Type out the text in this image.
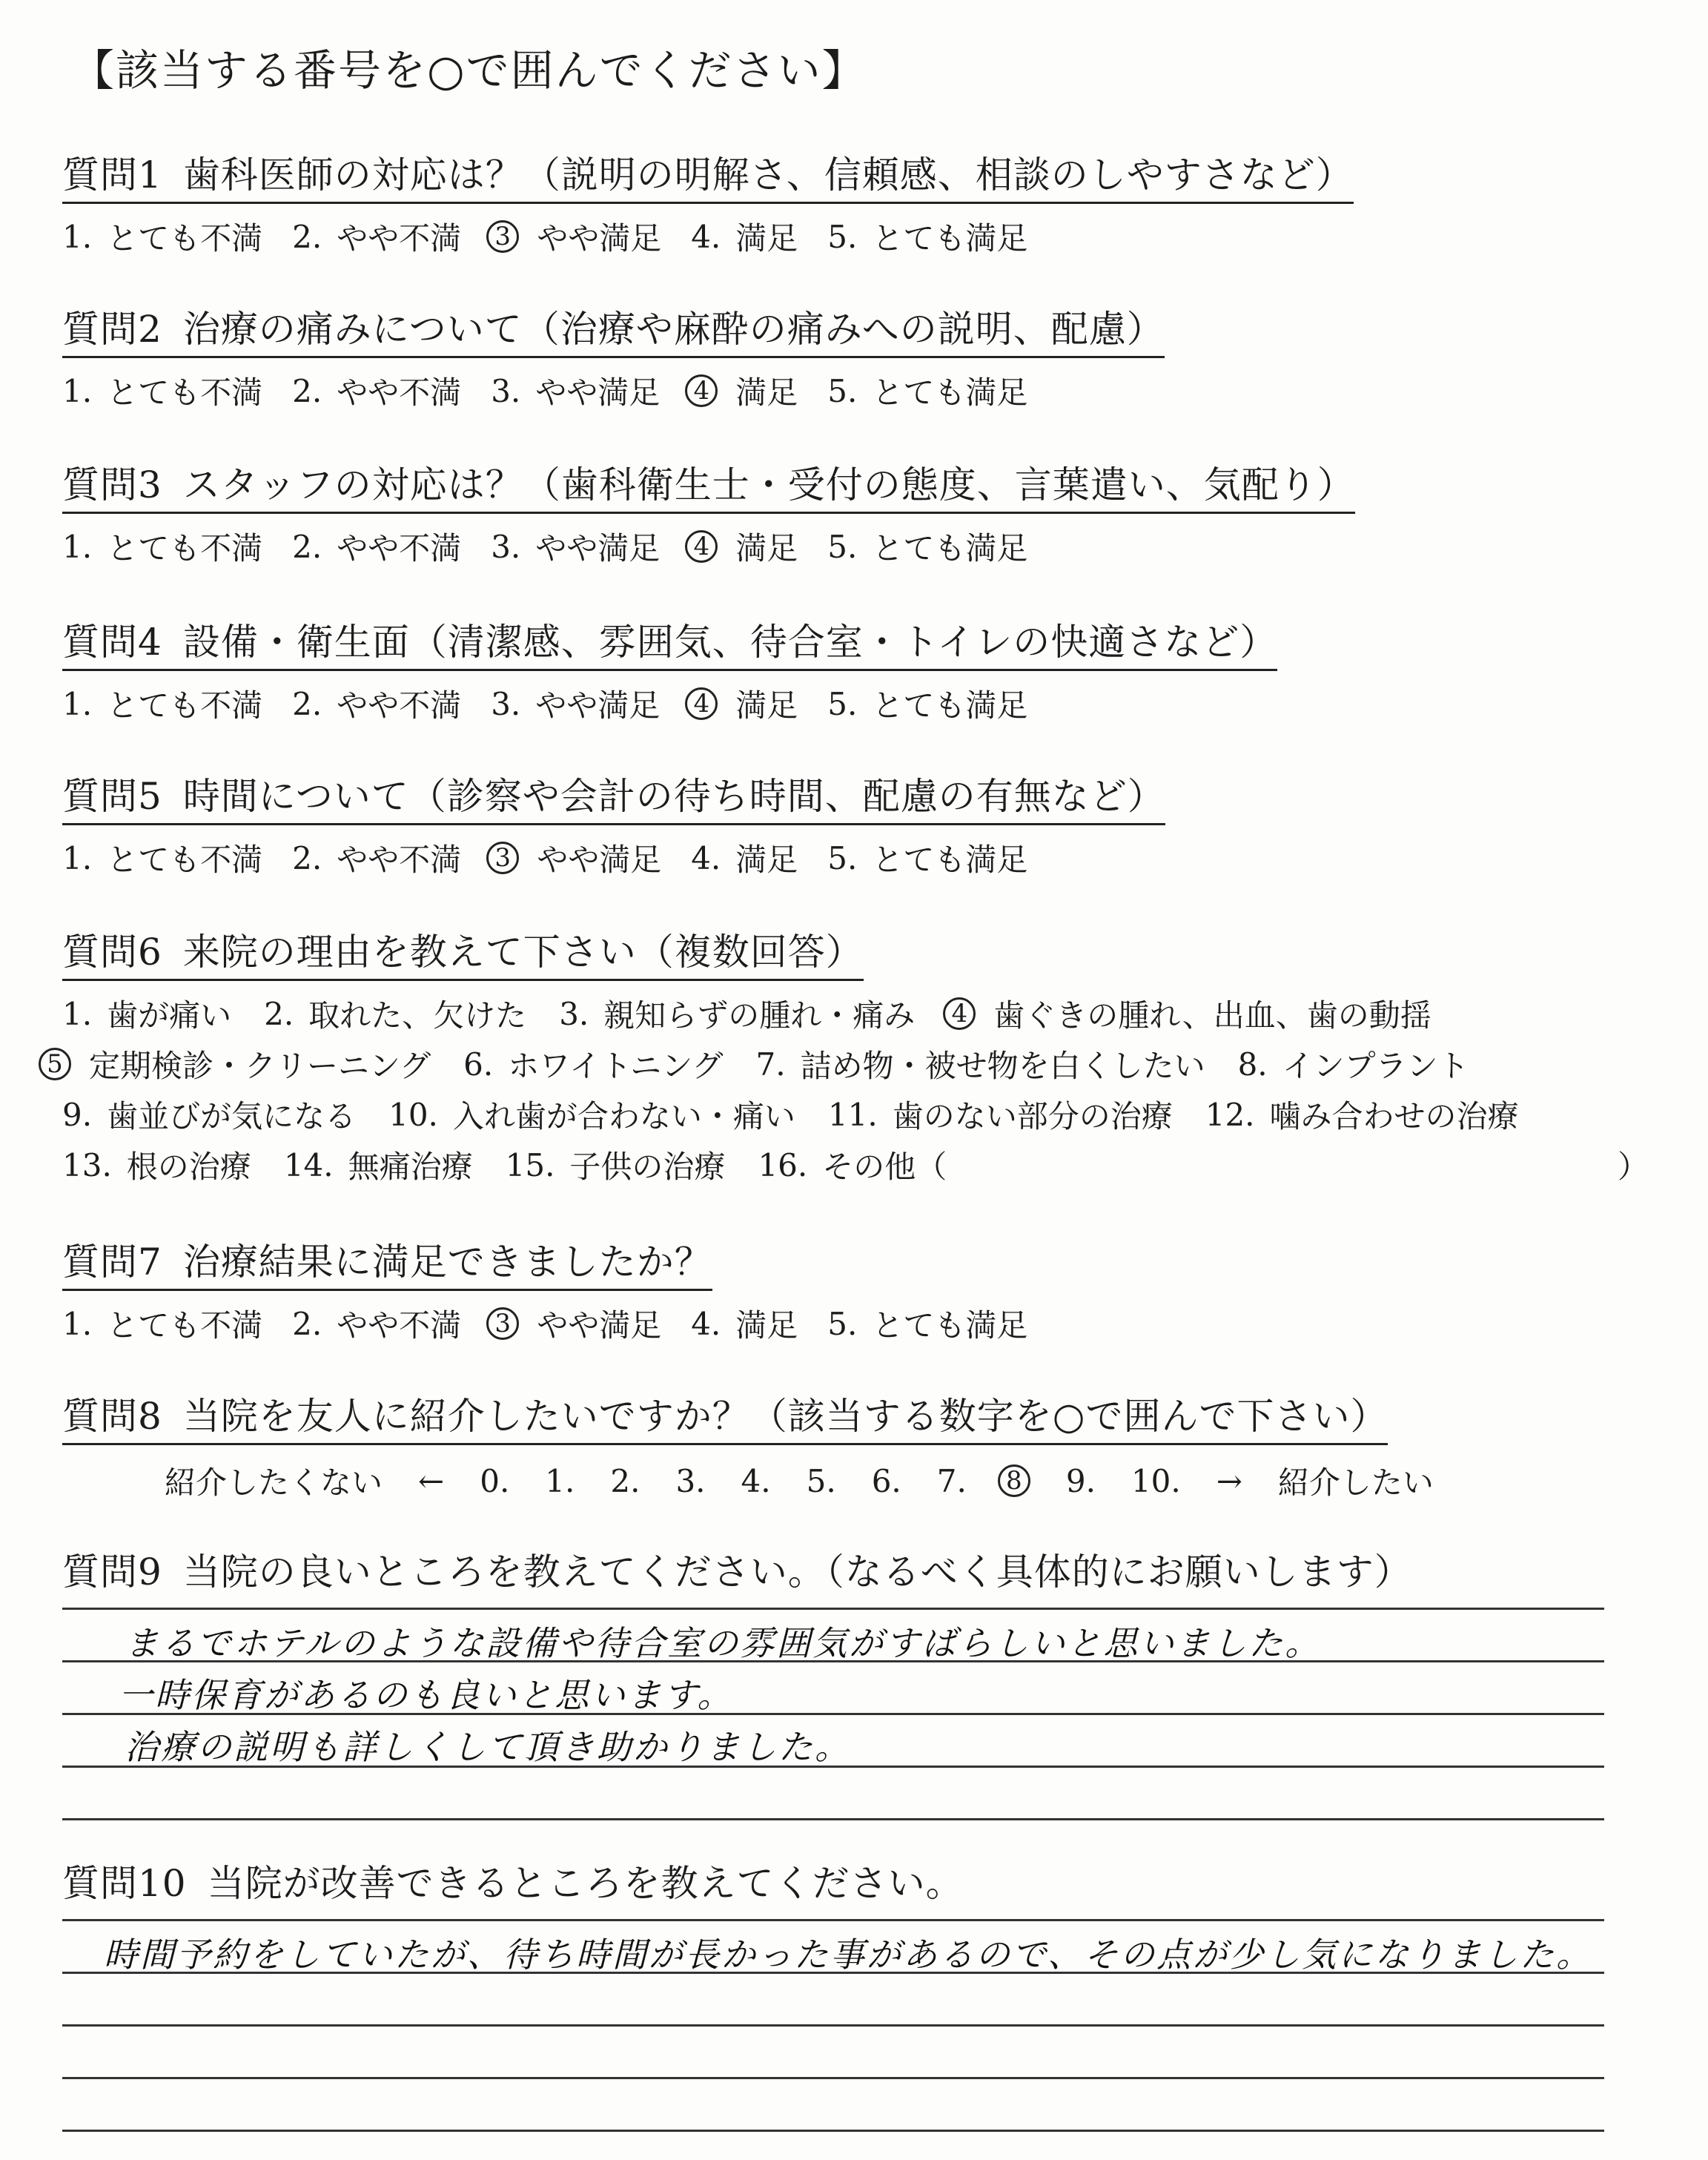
【該当する番号を○で囲んでください】
質問1 歯科医師の対応は？（説明の明解さ、信頼感、相談のしやすさなど）
1. とても不満 2. やや不満	3 やや満足 4. 満足 5. とても満足
質問2 治療の痛みについて（治療や麻酔の痛みへの説明、配慮）
1. とても不満 2. やや不満 3. やや満足	4 満足 5. とても満足
質問3 スタッフの対応は？（歯科衛生士・受付の態度、言葉遣い、気配り）
1. とても不満 2. やや不満 3. やや満足	4 満足 5. とても満足
質問4 設備・衛生面（清潔感、雰囲気、待合室・トイレの快適さなど）
1. とても不満 2. やや不満 3. やや満足	4 満足 5. とても満足
質問5 時間について（診察や会計の待ち時間、配慮の有無など）
1. とても不満 2. やや不満	3 やや満足 4. 満足 5. とても満足
質問6 来院の理由を教えて下さい（複数回答）
1. 歯が痛い 2. 取れた、欠けた 3. 親知らずの腫れ・痛み	4 歯ぐきの腫れ、出血、歯の動揺
5 定期検診・クリーニング 6. ホワイトニング 7. 詰め物・被せ物を白くしたい 8. インプラント
9. 歯並びが気になる 10. 入れ歯が合わない・痛い 11. 歯のない部分の治療 12. 噛み合わせの治療
13. 根の治療 14. 無痛治療 15. 子供の治療 16. その他（	）
質問7 治療結果に満足できましたか？
1. とても不満 2. やや不満	3 やや満足 4. 満足 5. とても満足
質問8 当院を友人に紹介したいですか？（該当する数字を○で囲んで下さい）
紹介したくない ← 0. 1. 2. 3. 4. 5. 6. 7.	8 9. 10. → 紹介したい
質問9 当院の良いところを教えてください。（なるべく具体的にお願いします）
まるでホテルのような設備や待合室の雰囲気がすばらしいと思いました。
一時保育があるのも良いと思います。
治療の説明も詳しくして頂き助かりました。
質問10 当院が改善できるところを教えてください。
時間予約をしていたが、待ち時間が長かった事があるので、その点が少し気になりました。
